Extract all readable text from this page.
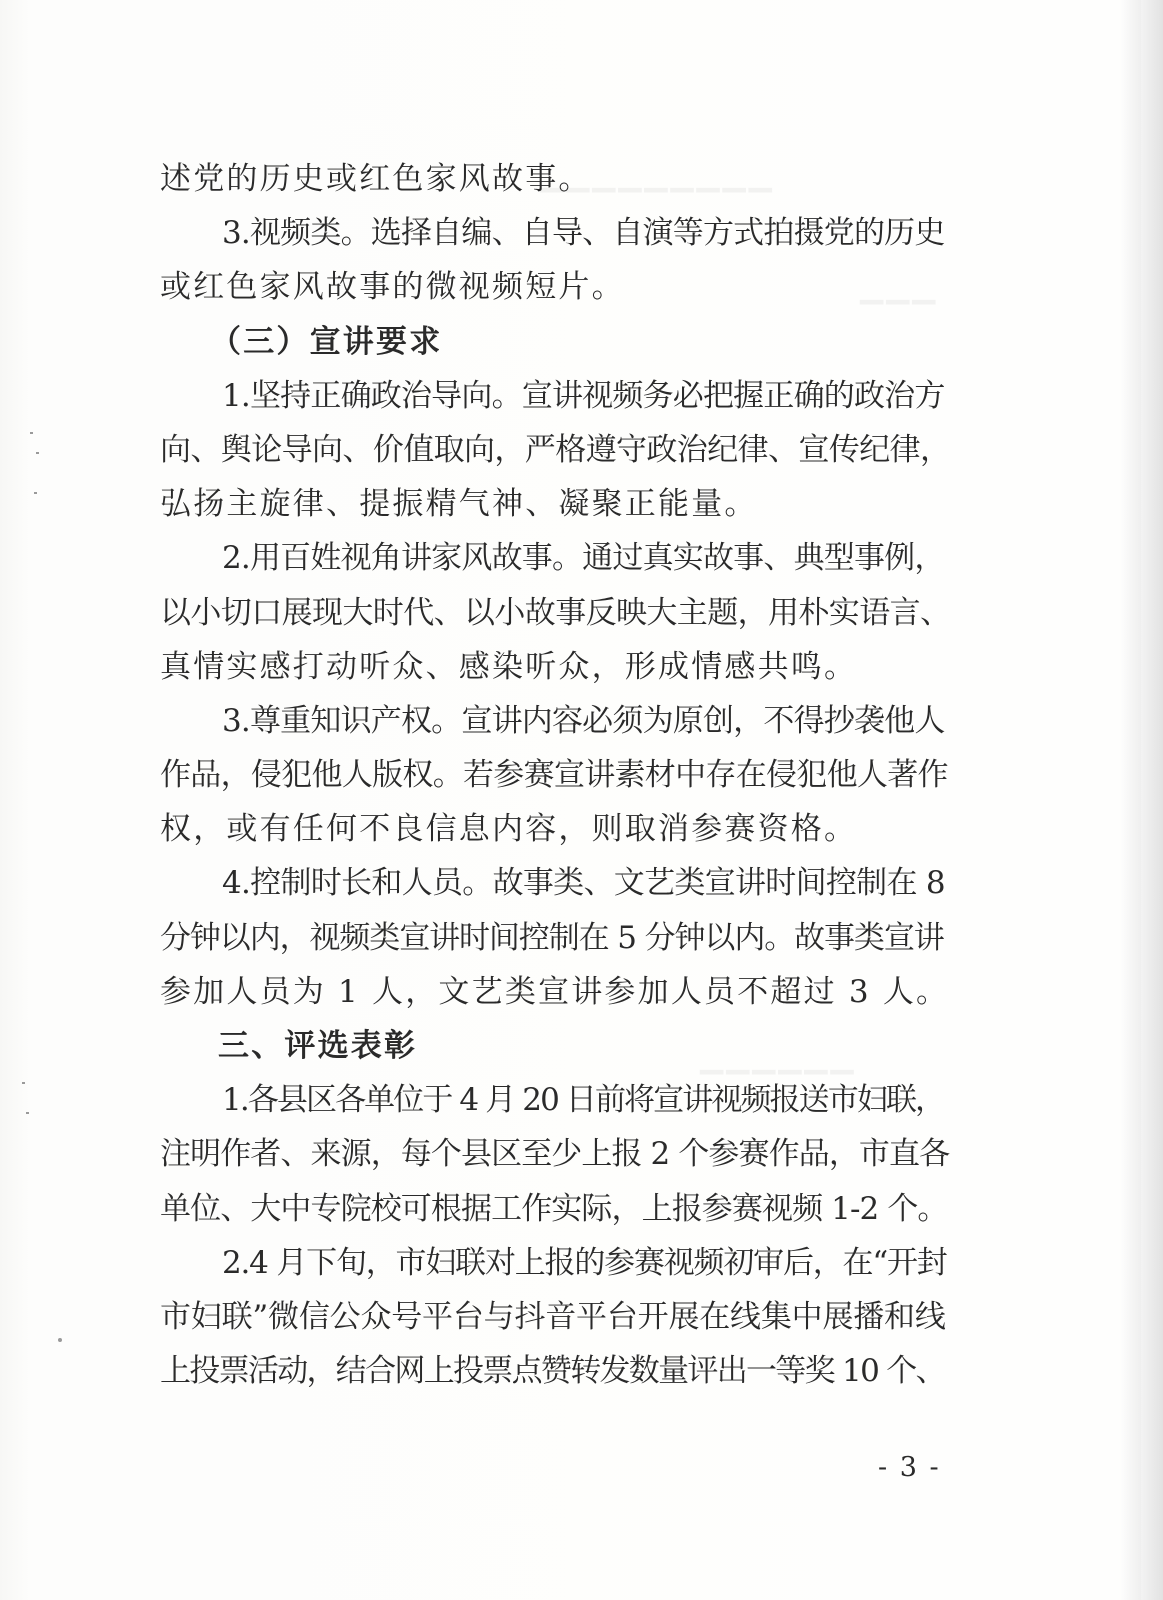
▁▁▁▁▁▁▁▁▁
▁▁▁
▁▁▁▁▁▁
述党的历史或红色家风故事。
3.视频类。选择自编、自导、自演等方式拍摄党的历史
或红色家风故事的微视频短片。
（三）宣讲要求
1.坚持正确政治导向。宣讲视频务必把握正确的政治方
向、舆论导向、价值取向，严格遵守政治纪律、宣传纪律，
弘扬主旋律、提振精气神、凝聚正能量。
2.用百姓视角讲家风故事。通过真实故事、典型事例，
以小切口展现大时代、以小故事反映大主题，用朴实语言、
真情实感打动听众、感染听众，形成情感共鸣。
3.尊重知识产权。宣讲内容必须为原创，不得抄袭他人
作品，侵犯他人版权。若参赛宣讲素材中存在侵犯他人著作
权，或有任何不良信息内容，则取消参赛资格。
4.控制时长和人员。故事类、文艺类宣讲时间控制在 8
分钟以内，视频类宣讲时间控制在 5 分钟以内。故事类宣讲
参加人员为 1 人，文艺类宣讲参加人员不超过 3 人。
三、评选表彰
1.各县区各单位于 4 月 20 日前将宣讲视频报送市妇联，
注明作者、来源，每个县区至少上报 2 个参赛作品，市直各
单位、大中专院校可根据工作实际，上报参赛视频 1-2 个。
2.4 月下旬，市妇联对上报的参赛视频初审后，在“开封
市妇联”微信公众号平台与抖音平台开展在线集中展播和线
上投票活动，结合网上投票点赞转发数量评出一等奖 10 个、
- 3 -
